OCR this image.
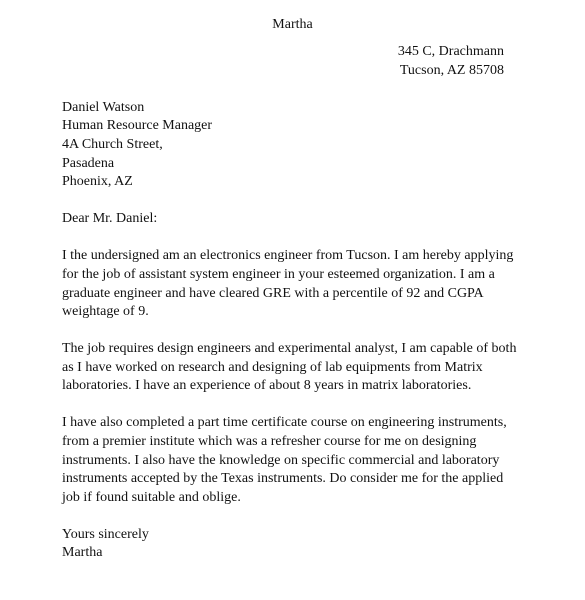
Martha
345 C, Drachmann
Tucson, AZ 85708
Daniel Watson
Human Resource Manager
4A Church Street,
Pasadena
Phoenix, AZ
Dear Mr. Daniel:
I the undersigned am an electronics engineer from Tucson. I am hereby applying
for the job of assistant system engineer in your esteemed organization. I am a
graduate engineer and have cleared GRE with a percentile of 92 and CGPA
weightage of 9.
The job requires design engineers and experimental analyst, I am capable of both
as I have worked on research and designing of lab equipments from Matrix
laboratories. I have an experience of about 8 years in matrix laboratories.
I have also completed a part time certificate course on engineering instruments,
from a premier institute which was a refresher course for me on designing
instruments. I also have the knowledge on specific commercial and laboratory
instruments accepted by the Texas instruments. Do consider me for the applied
job if found suitable and oblige.
Yours sincerely
Martha
